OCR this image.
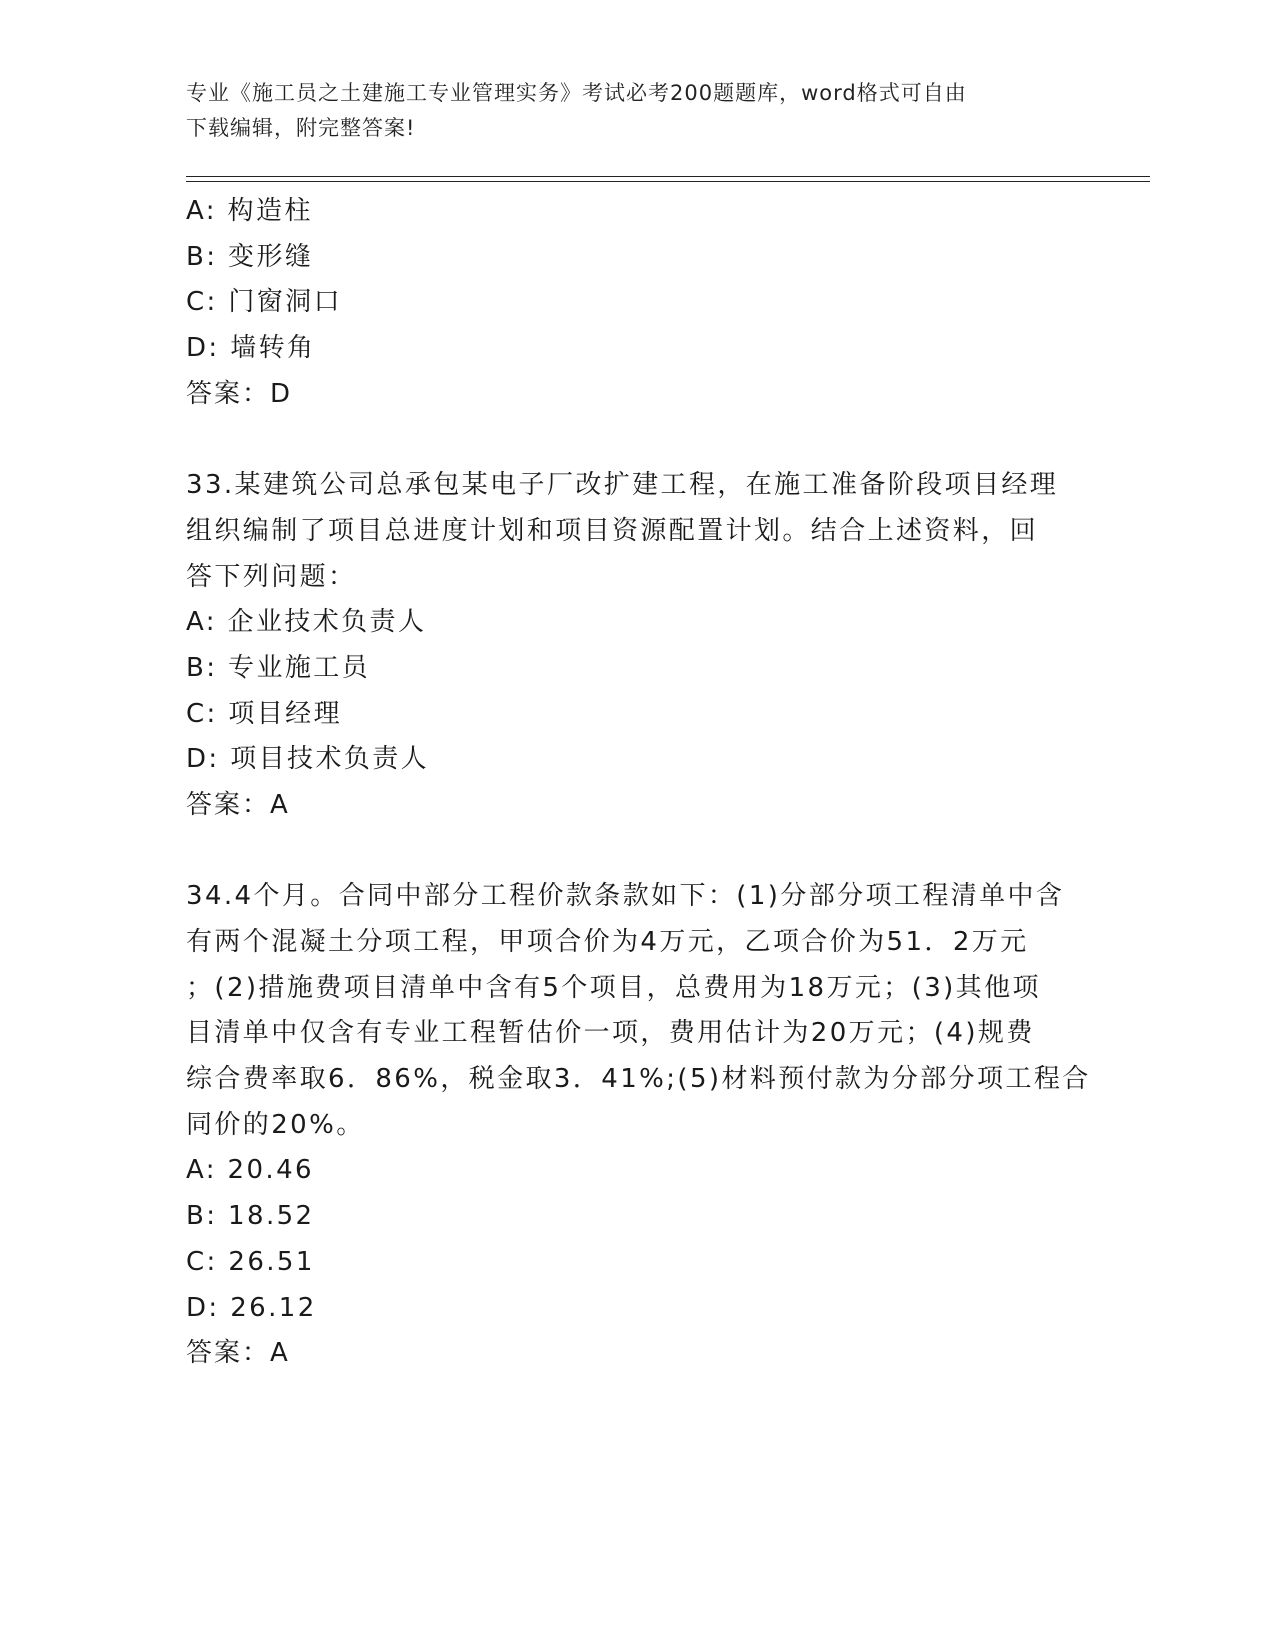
专业《施工员之土建施工专业管理实务》考试必考200题题库，word格式可自由
下载编辑，附完整答案!
A: 构造柱
B: 变形缝
C: 门窗洞口
D: 墙转角
答案：D
33.某建筑公司总承包某电子厂改扩建工程，在施工准备阶段项目经理
组织编制了项目总进度计划和项目资源配置计划。结合上述资料，回
答下列问题：
A: 企业技术负责人
B: 专业施工员
C: 项目经理
D: 项目技术负责人
答案：A
34.4个月。合同中部分工程价款条款如下：(1)分部分项工程清单中含
有两个混凝土分项工程，甲项合价为4万元，乙项合价为51．2万元
；(2)措施费项目清单中含有5个项目，总费用为18万元；(3)其他项
目清单中仅含有专业工程暂估价一项，费用估计为20万元；(4)规费
综合费率取6．86%，税金取3．41%;(5)材料预付款为分部分项工程合
同价的20%。
A: 20.46
B: 18.52
C: 26.51
D: 26.12
答案：A
